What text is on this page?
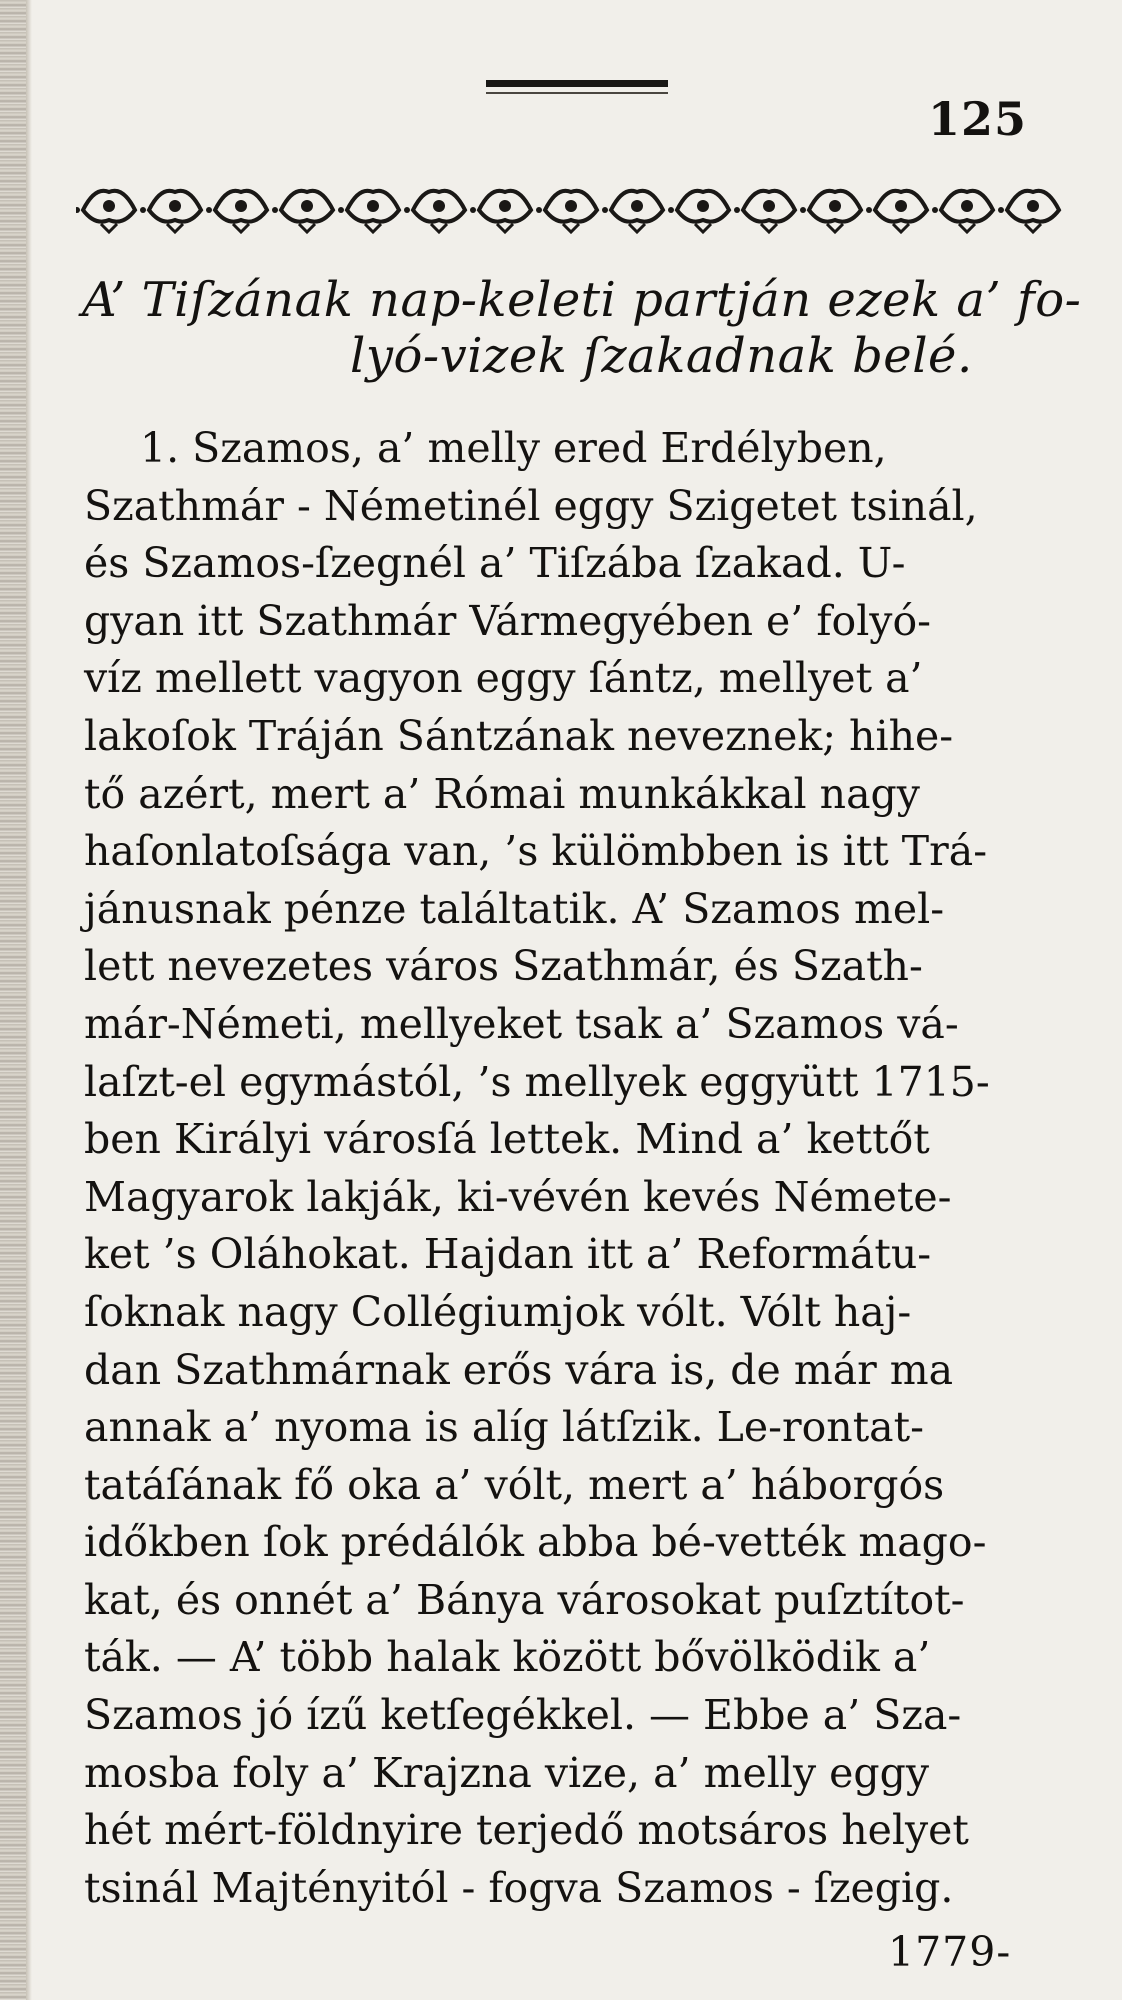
125
A’ Tiſzának nap-keleti partján ezek a’ fo-
lyó-vizek ſzakadnak belé.
1. Szamos, a’ melly ered Erdélyben,
Szathmár - Németinél eggy Szigetet tsinál,
és Szamos-ſzegnél a’ Tiſzába ſzakad. U-
gyan itt Szathmár Vármegyében e’ folyó-
víz mellett vagyon eggy ſántz, mellyet a’
lakoſok Tráján Sántzának neveznek; hihe-
tő azért, mert a’ Római munkákkal nagy
haſonlatoſsága van, ’s külömbben is itt Trá-
jánusnak pénze találtatik. A’ Szamos mel-
lett nevezetes város Szathmár, és Szath-
már-Németi, mellyeket tsak a’ Szamos vá-
laſzt-el egymástól, ’s mellyek eggyütt 1715-
ben Királyi városſá lettek. Mind a’ kettőt
Magyarok lakják, ki-vévén kevés Némete-
ket ’s Oláhokat. Hajdan itt a’ Reformátu-
ſoknak nagy Collégiumjok vólt. Vólt haj-
dan Szathmárnak erős vára is, de már ma
annak a’ nyoma is alíg látſzik. Le-rontat-
tatáſának fő oka a’ vólt, mert a’ háborgós
időkben ſok prédálók abba bé-vették mago-
kat, és onnét a’ Bánya városokat puſztítot-
ták. — A’ több halak között bővölködik a’
Szamos jó ízű ketſegékkel. — Ebbe a’ Sza-
mosba foly a’ Krajzna vize, a’ melly eggy
hét mért-földnyire terjedő motsáros helyet
tsinál Majtényitól - fogva Szamos - ſzegig.
1779-
